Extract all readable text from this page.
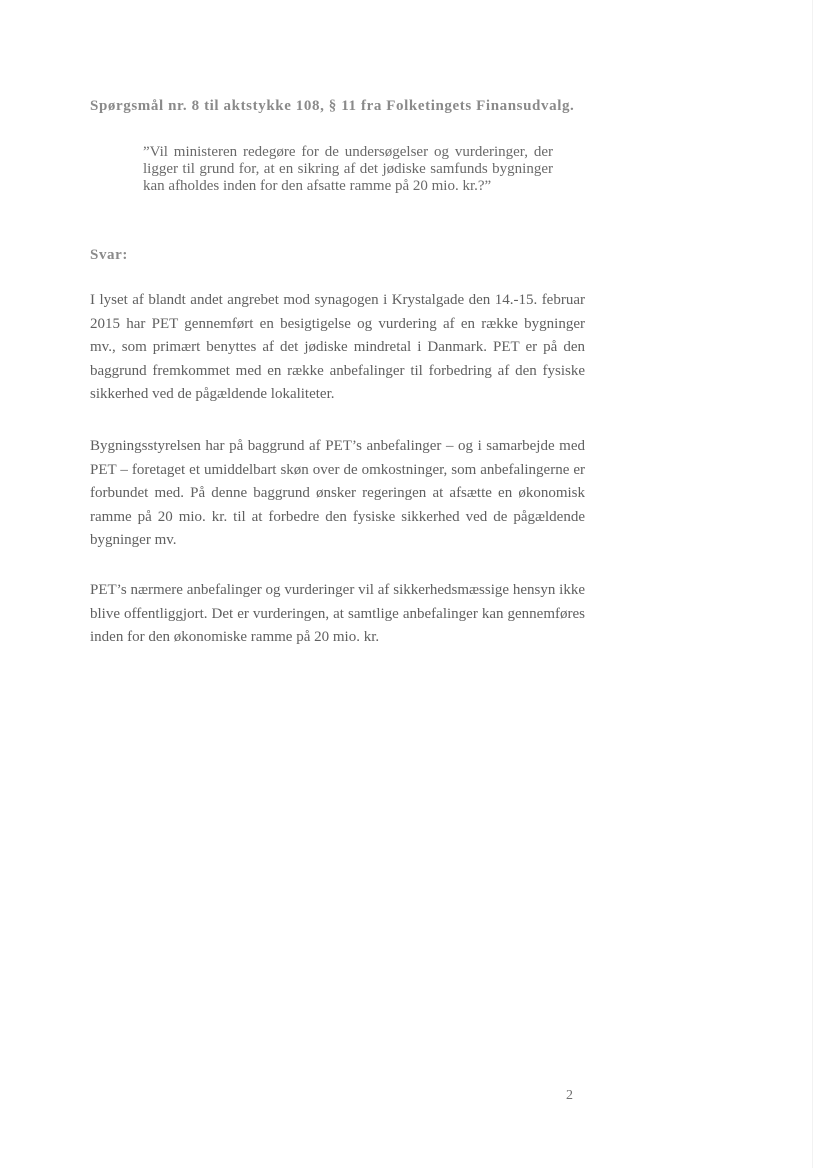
Spørgsmål nr. 8 til aktstykke 108, § 11 fra Folketingets Finansudvalg.
”Vil ministeren redegøre for de undersøgelser og vurderinger, der ligger til grund for, at en sikring af det jødiske samfunds bygninger kan afholdes inden for den afsatte ramme på 20 mio. kr.?”
Svar:
I lyset af blandt andet angrebet mod synagogen i Krystalgade den 14.-15. februar 2015 har PET gennemført en besigtigelse og vurdering af en række bygninger mv., som primært benyttes af det jødiske mindretal i Danmark. PET er på den baggrund fremkommet med en række anbefalinger til forbedring af den fysiske sikkerhed ved de pågældende lokaliteter.
Bygningsstyrelsen har på baggrund af PET’s anbefalinger – og i samarbejde med PET – foretaget et umiddelbart skøn over de omkostninger, som anbefalingerne er forbundet med. På denne baggrund ønsker regeringen at afsætte en økonomisk ramme på 20 mio. kr. til at forbedre den fysiske sikkerhed ved de pågældende bygninger mv.
PET’s nærmere anbefalinger og vurderinger vil af sikkerhedsmæssige hensyn ikke blive offentliggjort. Det er vurderingen, at samtlige anbefalinger kan gennemføres inden for den økonomiske ramme på 20 mio. kr.
2
